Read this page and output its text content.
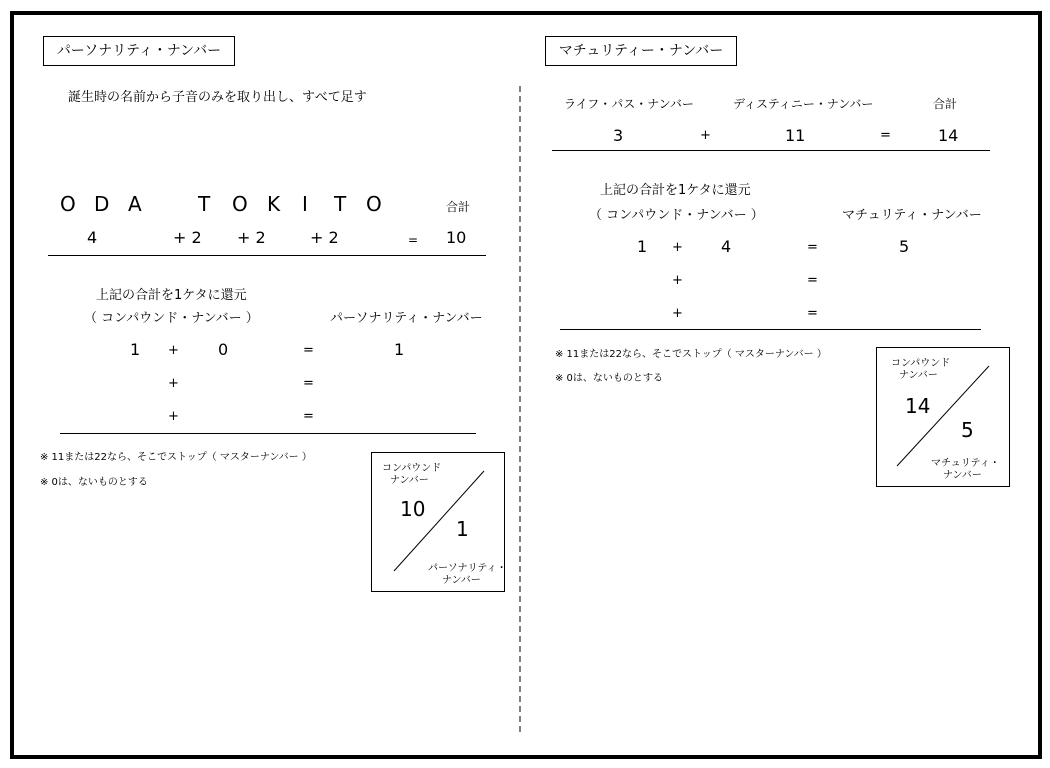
パーソナリティ・ナンバー
誕生時の名前から子音のみを取り出し、すべて足す
O D A	T O K I T O	合計
4	+ 2 + 2	+ 2	= 10
上記の合計を1ケタに還元
（ コンパウンド・ナンバー ）	パーソナリティ・ナンバー
1 + 0	=	1
+	=
+	=
※ 11または22なら、そこでストップ（ マスターナンバー ）
※ 0は、ないものとする
コンパウンド
ナンバー
10
1
パーソナリティ・
ナンバー
マチュリティー・ナンバー
ライフ・パス・ナンバー	ディスティニー・ナンバー	合計
3	+	11	=	14
上記の合計を1ケタに還元
（ コンパウンド・ナンバー ）	マチュリティ・ナンバー
1 + 4	=	5
+	=
+	=
※ 11または22なら、そこでストップ（ マスターナンバー ）
※ 0は、ないものとする
コンパウンド
ナンバー
14
5
マチュリティ・
ナンバー
